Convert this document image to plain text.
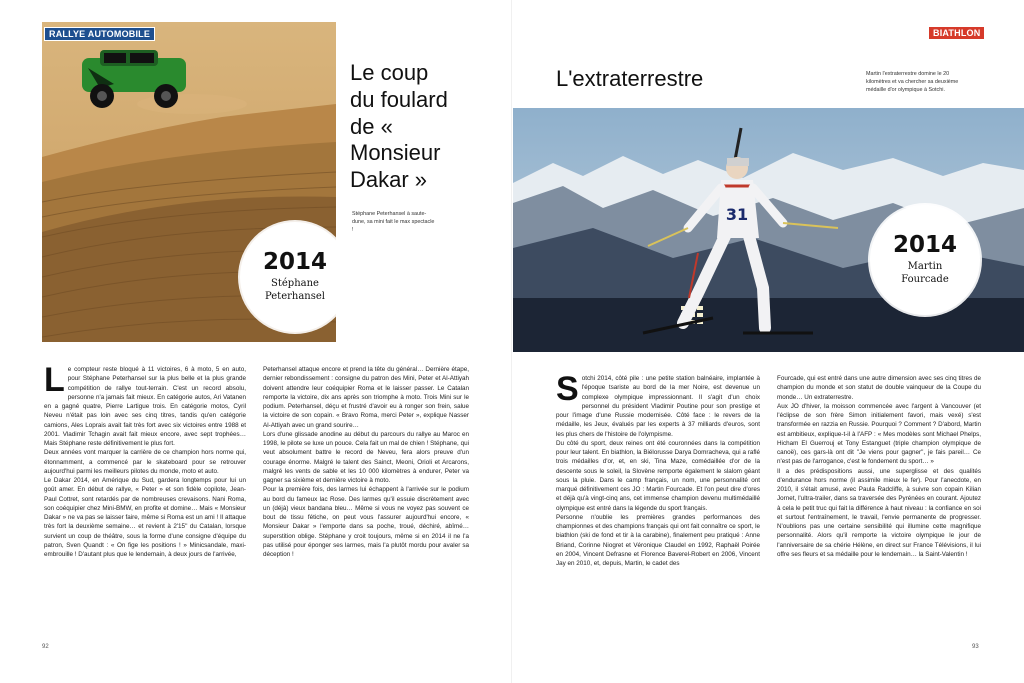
RALLYE AUTOMOBILE
Le coup
du foulard
de « Monsieur
Dakar »
Stéphane Peterhansel à saute-dune, sa mini fait le max spectacle !
2014
Stéphane
Peterhansel
31
BIATHLON
L'extraterrestre	Martin l'extraterrestre domine le 20 kilomètres et va chercher sa deuxième médaille d'or olympique à Sotchi.
2014
Martin
Fourcade

Le compteur reste bloqué à 11 victoires, 6 à moto, 5 en auto, pour Stéphane Peterhansel sur la plus belle et la plus grande compétition de rallye tout-terrain. C'est un record absolu, personne n'a jamais fait mieux. En catégorie autos, Ari Vatanen en a gagné quatre, Pierre Lartigue trois. En catégorie motos, Cyril Neveu n'était pas loin avec ses cinq titres, tandis qu'en catégorie camions, Ales Loprais avait fait très fort avec six victoires entre 1988 et 2001. Vladimir Tchagin avait fait mieux encore, avec sept trophées… Mais Stéphane reste définitivement le plus fort.

Deux années vont marquer la carrière de ce champion hors norme qui, étonnamment, a commencé par le skateboard pour se retrouver aujourd'hui parmi les meilleurs pilotes du monde, moto et auto.

Le Dakar 2014, en Amérique du Sud, gardera longtemps pour lui un goût amer. En début de rallye, « Peter » et son fidèle copilote, Jean-Paul Cottret, sont retardés par de nombreuses crevaisons. Nani Roma, son coéquipier chez Mini-BMW, en profite et domine… Mais « Monsieur Dakar » ne va pas se laisser faire, même si Roma est un ami ! Il attaque très fort la deuxième semaine… et revient à 2'15'' du Catalan, lorsque survient un coup de théâtre, sous la forme d'une consigne d'équipe du patron, Sven Quandt : « On fige les positions ! » Minicsandale, maxi-embrouille ! D'autant plus que le lendemain, à deux jours de l'arrivée,

Peterhansel attaque encore et prend la tête du général… Dernière étape, dernier rebondissement : consigne du patron des Mini, Peter et Al-Attiyah doivent attendre leur coéquipier Roma et le laisser passer. Le Catalan remporte la victoire, dix ans après son triomphe à moto. Trois Mini sur le podium. Peterhansel, déçu et frustré d'avoir eu à ronger son frein, salue la victoire de son copain. « Bravo Roma, merci Peter », explique Nasser Al-Attiyah avec un grand sourire…

Lors d'une glissade anodine au début du parcours du rallye au Maroc en 1998, le pilote se luxe un pouce. Cela fait un mal de chien ! Stéphane, qui veut absolument battre le record de Neveu, fera alors preuve d'un courage énorme. Malgré le talent des Sainct, Meoni, Orioli et Arcarons, malgré les vents de sable et les 10 000 kilomètres à endurer, Peter va gagner sa sixième et dernière victoire à moto.

Pour la première fois, des larmes lui échappent à l'arrivée sur le podium au bord du fameux lac Rose. Des larmes qu'il essuie discrètement avec un (déjà) vieux bandana bleu… Même si vous ne voyez pas souvent ce bout de tissu fétiche, on peut vous l'assurer aujourd'hui encore, « Monsieur Dakar » l'emporte dans sa poche, troué, déchiré, abîmé… superstition oblige. Stéphane y croit toujours, même si en 2014 il ne l'a pas utilisé pour éponger ses larmes, mais l'a plutôt mordu pour avaler sa déception !

Sotchi 2014, côté pile : une petite station balnéaire, implantée à l'époque tsariste au bord de la mer Noire, est devenue un complexe olympique impressionnant. Il s'agit d'un choix personnel du président Vladimir Poutine pour son prestige et pour l'image d'une Russie modernisée. Côté face : le revers de la médaille, les Jeux, évalués par les experts à 37 milliards d'euros, sont les plus chers de l'histoire de l'olympisme.

Du côté du sport, deux reines ont été couronnées dans la compétition pour leur talent. En biathlon, la Biélorusse Darya Domracheva, qui a raflé trois médailles d'or, et, en ski, Tina Maze, comédaillée d'or de la descente sous le soleil, la Slovène remporte également le slalom géant sous la pluie. Dans le camp français, un nom, une personnalité ont marqué définitivement ces JO : Martin Fourcade. Et l'on peut dire d'ores et déjà qu'à vingt-cinq ans, cet immense champion devenu multimédaillé olympique est entré dans la légende du sport français.

Personne n'oublie les premières grandes performances des championnes et des champions français qui ont fait connaître ce sport, le biathlon (ski de fond et tir à la carabine), finalement peu pratiqué : Anne Briand, Corinne Niogret et Véronique Claudel en 1992, Raphaël Poirée en 2004, Vincent Defrasne et Florence Baverel-Robert en 2006, Vincent Jay en 2010, et, depuis, Martin, le cadet des

Fourcade, qui est entré dans une autre dimension avec ses cinq titres de champion du monde et son statut de double vainqueur de la Coupe du monde… Un extraterrestre.

Aux JO d'hiver, la moisson commencée avec l'argent à Vancouver (et l'éclipse de son frère Simon initialement favori, mais vexé) s'est transformée en razzia en Russie. Pourquoi ? Comment ? D'abord, Martin est ambitieux, explique-t-il à l'AFP : « Mes modèles sont Michael Phelps, Hicham El Guerrouj et Tony Estanguet (triple champion olympique de canoë), ces gars-là ont dit "Je viens pour gagner", je fais pareil… Ce n'est pas de l'arrogance, c'est le fondement du sport… »

Il a des prédispositions aussi, une superglisse et des qualités d'endurance hors norme (il assimile mieux le fer). Pour l'anecdote, en 2010, il s'était amusé, avec Paula Radcliffe, à suivre son copain Kilian Jornet, l'ultra-trailer, dans sa traversée des Pyrénées en courant. Ajoutez à cela le petit truc qui fait la différence à haut niveau : la confiance en soi et surtout l'entraînement, le travail, l'envie permanente de progresser. N'oublions pas une certaine sensibilité qui illumine cette magnifique personnalité. Alors qu'il remporte la victoire olympique le jour de l'anniversaire de sa chérie Hélène, en direct sur France Télévisions, il lui offre ses fleurs et sa médaille pour le lendemain… la Saint-Valentin !

92	93
